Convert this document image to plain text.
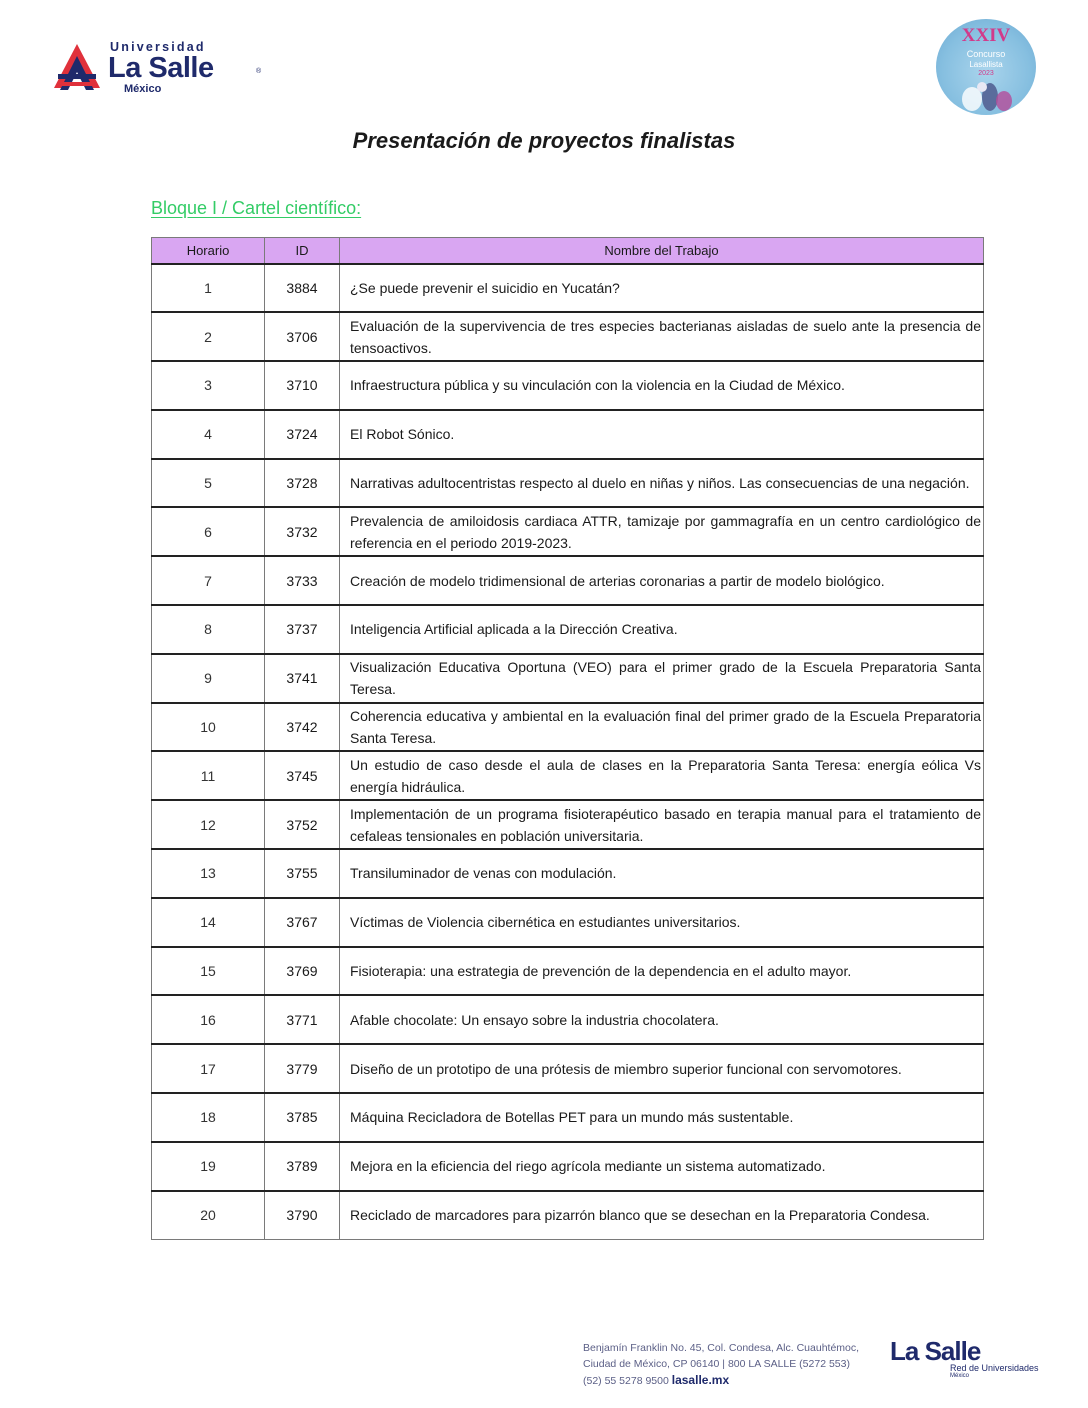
Universidad
La Salle	®
México
XXIV
Concurso
Lasallista
2023
Presentación de proyectos finalistas
Bloque I / Cartel científico:
Horario	ID	Nombre del Trabajo
1	3884	¿Se puede prevenir el suicidio en Yucatán?
2	3706	Evaluación de la supervivencia de tres especies bacterianas aisladas de suelo ante la presencia de tensoactivos.
3	3710	Infraestructura pública y su vinculación con la violencia en la Ciudad de México.
4	3724	El Robot Sónico.
5	3728	Narrativas adultocentristas respecto al duelo en niñas y niños. Las consecuencias de una negación.
6	3732	Prevalencia de amiloidosis cardiaca ATTR, tamizaje por gammagrafía en un centro cardiológico de referencia en el periodo 2019-2023.
7	3733	Creación de modelo tridimensional de arterias coronarias a partir de modelo biológico.
8	3737	Inteligencia Artificial aplicada a la Dirección Creativa.
9	3741	Visualización Educativa Oportuna (VEO) para el primer grado de la Escuela Preparatoria Santa Teresa.
10	3742	Coherencia educativa y ambiental en la evaluación final del primer grado de la Escuela Preparatoria Santa Teresa.
11	3745	Un estudio de caso desde el aula de clases en la Preparatoria Santa Teresa: energía eólica Vs energía hidráulica.
12	3752	Implementación de un programa fisioterapéutico basado en terapia manual para el tratamiento de cefaleas tensionales en población universitaria.
13	3755	Transiluminador de venas con modulación.
14	3767	Víctimas de Violencia cibernética en estudiantes universitarios.
15	3769	Fisioterapia: una estrategia de prevención de la dependencia en el adulto mayor.
16	3771	Afable chocolate: Un ensayo sobre la industria chocolatera.
17	3779	Diseño de un prototipo de una prótesis de miembro superior funcional con servomotores.
18	3785	Máquina Recicladora de Botellas PET para un mundo más sustentable.
19	3789	Mejora en la eficiencia del riego agrícola mediante un sistema automatizado.
20	3790	Reciclado de marcadores para pizarrón blanco que se desechan en la Preparatoria Condesa.
Benjamín Franklin No. 45, Col. Condesa, Alc. Cuauhtémoc,
Ciudad de México, CP 06140 | 800 LA SALLE (5272 553)
(52) 55 5278 9500 lasalle.mx
La Salle
Red de Universidades
México
